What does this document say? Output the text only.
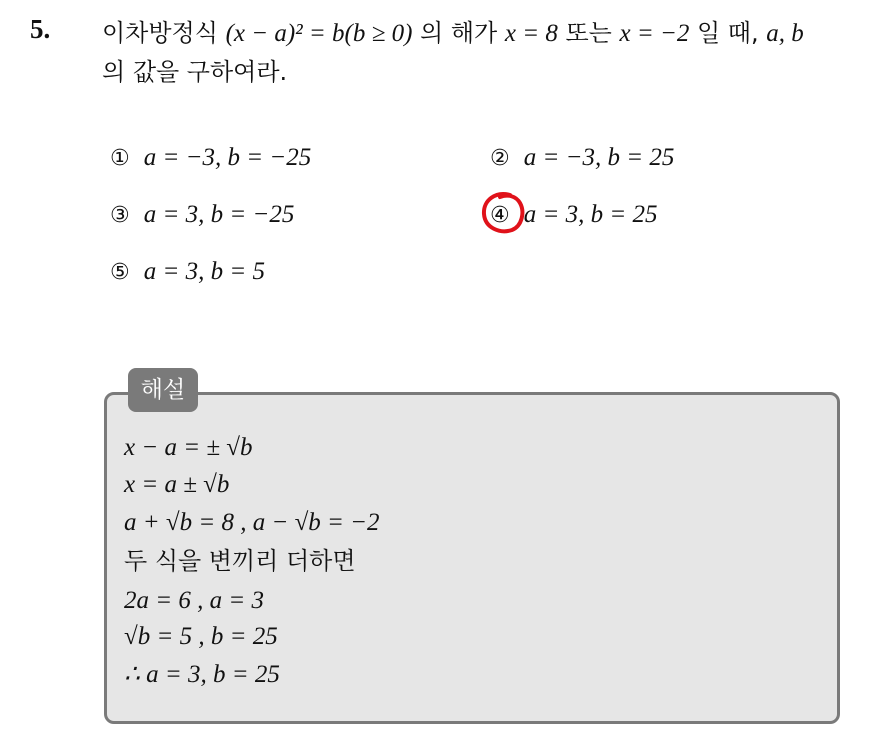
5. 이차방정식 (x − a)² = b(b ≥ 0) 의 해가 x = 8 또는 x = −2 일 때, a, b
의 값을 구하여라.
① a = −3, b = −25	② a = −3, b = 25
③ a = 3, b = −25	④ a = 3, b = 25
⑤ a = 3, b = 5
해설
x − a = ± √b
x = a ± √b
a + √b = 8 , a − √b = −2
두 식을 변끼리 더하면
2a = 6 , a = 3
√b = 5 , b = 25
∴ a = 3, b = 25
